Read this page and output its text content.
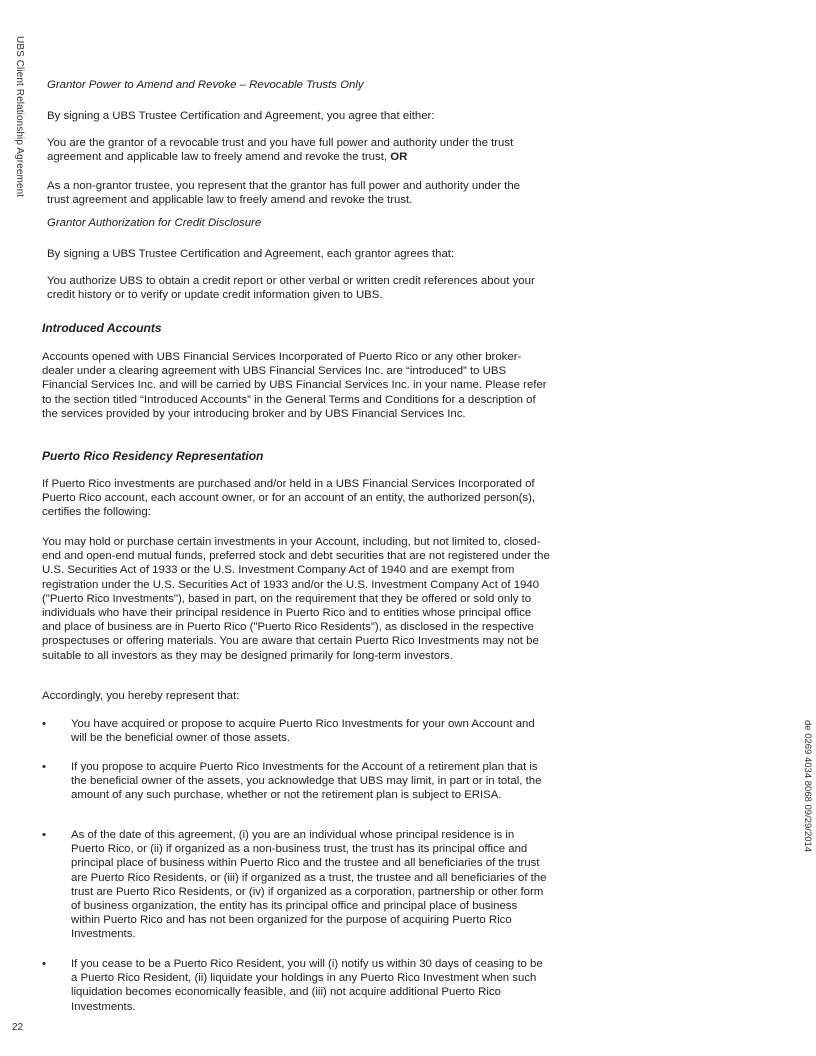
UBS Client Relationship Agreement
de 0269 4034 8068 09/29/2014
22

Grantor Power to Amend and Revoke – Revocable Trusts Only

By signing a UBS Trustee Certification and Agreement, you agree that either:

You are the grantor of a revocable trust and you have full power and authority under the trust agreement and applicable law to freely amend and revoke the trust, OR

As a non-grantor trustee, you represent that the grantor has full power and authority under the trust agreement and applicable law to freely amend and revoke the trust.

Grantor Authorization for Credit Disclosure

By signing a UBS Trustee Certification and Agreement, each grantor agrees that:

You authorize UBS to obtain a credit report or other verbal or written credit references about your credit history or to verify or update credit information given to UBS.

Introduced Accounts

Accounts opened with UBS Financial Services Incorporated of Puerto Rico or any other broker-dealer under a clearing agreement with UBS Financial Services Inc. are “introduced” to UBS Financial Services Inc. and will be carried by UBS Financial Services Inc. in your name. Please refer to the section titled “Introduced Accounts” in the General Terms and Conditions for a description of the services provided by your introducing broker and by UBS Financial Services Inc.

Puerto Rico Residency Representation

If Puerto Rico investments are purchased and/or held in a UBS Financial Services Incorporated of Puerto Rico account, each account owner, or for an account of an entity, the authorized person(s), certifies the following:

You may hold or purchase certain investments in your Account, including, but not limited to, closed-end and open-end mutual funds, preferred stock and debt securities that are not registered under the U.S. Securities Act of 1933 or the U.S. Investment Company Act of 1940 and are exempt from registration under the U.S. Securities Act of 1933 and/or the U.S. Investment Company Act of 1940 ("Puerto Rico Investments"), based in part, on the requirement that they be offered or sold only to individuals who have their principal residence in Puerto Rico and to entities whose principal office and place of business are in Puerto Rico ("Puerto Rico Residents"), as disclosed in the respective prospectuses or offering materials. You are aware that certain Puerto Rico Investments may not be suitable to all investors as they may be designed primarily for long-term investors.

Accordingly, you hereby represent that:

• You have acquired or propose to acquire Puerto Rico Investments for your own Account and will be the beneficial owner of those assets.

• If you propose to acquire Puerto Rico Investments for the Account of a retirement plan that is the beneficial owner of the assets, you acknowledge that UBS may limit, in part or in total, the amount of any such purchase, whether or not the retirement plan is subject to ERISA.

• As of the date of this agreement, (i) you are an individual whose principal residence is in Puerto Rico, or (ii) if organized as a non-business trust, the trust has its principal office and principal place of business within Puerto Rico and the trustee and all beneficiaries of the trust are Puerto Rico Residents, or (iii) if organized as a trust, the trustee and all beneficiaries of the trust are Puerto Rico Residents, or (iv) if organized as a corporation, partnership or other form of business organization, the entity has its principal office and principal place of business within Puerto Rico and has not been organized for the purpose of acquiring Puerto Rico Investments.

• If you cease to be a Puerto Rico Resident, you will (i) notify us within 30 days of ceasing to be a Puerto Rico Resident, (ii) liquidate your holdings in any Puerto Rico Investment when such liquidation becomes economically feasible, and (iii) not acquire additional Puerto Rico Investments.
